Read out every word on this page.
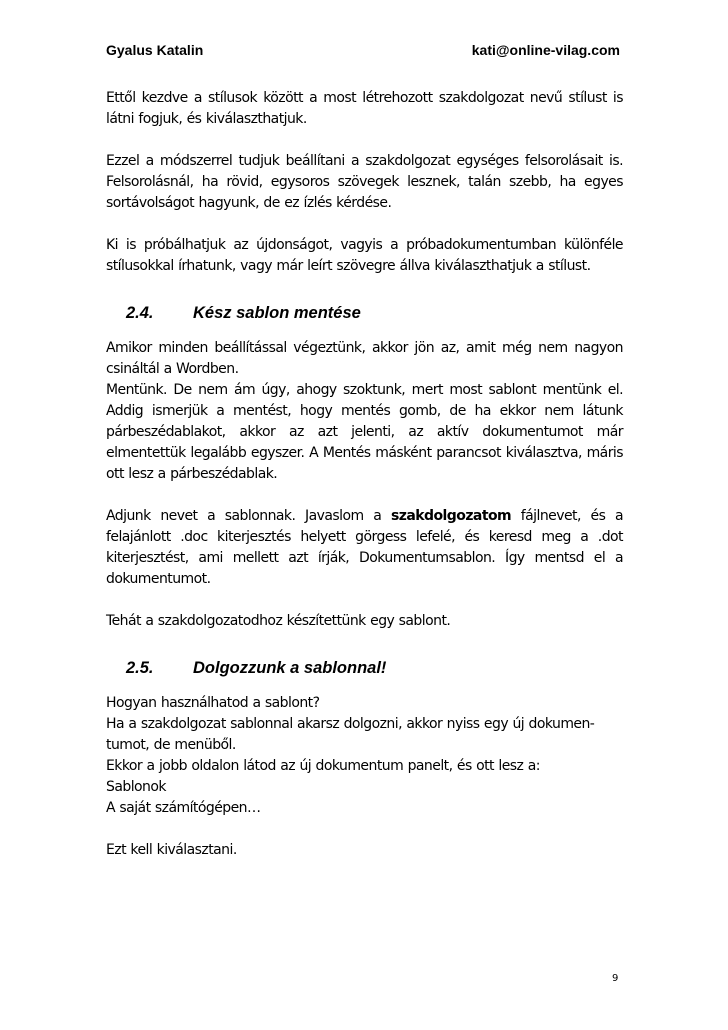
Gyalus Katalin	kati@online-vilag.com

Ettől kezdve a stílusok között a most létrehozott szakdolgozat nevű stílust is látni fogjuk, és kiválaszthatjuk.

Ezzel a módszerrel tudjuk beállítani a szakdolgozat egységes felsorolásait is. Felsorolásnál, ha rövid, egysoros szövegek lesznek, talán szebb, ha egyes sortávolságot hagyunk, de ez ízlés kérdése.

Ki is próbálhatjuk az újdonságot, vagyis a próbadokumentumban különféle stílusokkal írhatunk, vagy már leírt szövegre állva kiválaszthatjuk a stílust.

2.4. Kész sablon mentése

Amikor minden beállítással végeztünk, akkor jön az, amit még nem nagyon csináltál a Wordben.

Mentünk. De nem ám úgy, ahogy szoktunk, mert most sablont mentünk el. Addig ismerjük a mentést, hogy mentés gomb, de ha ekkor nem látunk párbeszédablakot, akkor az azt jelenti, az aktív dokumentumot már elmentettük legalább egyszer. A Mentés másként parancsot kiválasztva, máris ott lesz a párbeszédablak.

Adjunk nevet a sablonnak. Javaslom a szakdolgozatom fájlnevet, és a felajánlott .doc kiterjesztés helyett görgess lefelé, és keresd meg a .dot kiterjesztést, ami mellett azt írják, Dokumentumsablon. Így mentsd el a dokumentumot.

Tehát a szakdolgozatodhoz készítettünk egy sablont.

2.5. Dolgozzunk a sablonnal!

Hogyan használhatod a sablont?

Ha a szakdolgozat sablonnal akarsz dolgozni, akkor nyiss egy új dokumen-tumot, de menüből.

Ekkor a jobb oldalon látod az új dokumentum panelt, és ott lesz a:

Sablonok

A saját számítógépen…

Ezt kell kiválasztani.

9
